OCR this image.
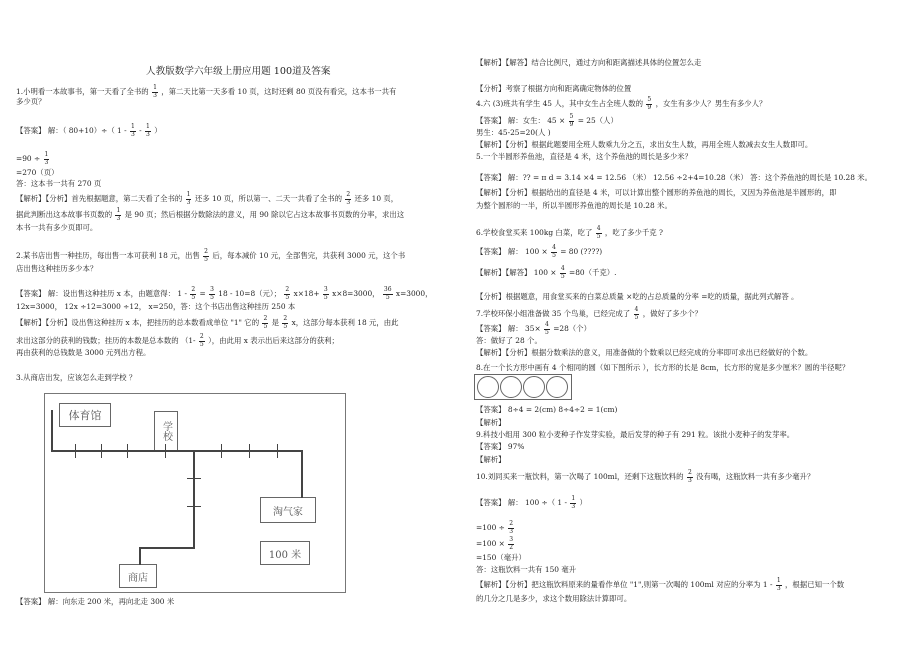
人教版数学六年级上册应用题 100道及答案
1.小明看一本故事书，第一天看了全书的 $\frac{1}{3}$ ，第二天比第一天多看 10 页，这时还剩 80 页没有看完，这本书一共有
多少页？
【答案】 解：（ 80+10）÷（ $1 - \frac{1}{3} - \frac{1}{3}$ ）
$=90 \div \frac{1}{3}$
=270（页）
答：这本书一共有 270 页
【解析】【分析】首先根据题意，第二天看了全书的 $\frac{1}{3}$ 还多 10 页，所以第一、二天一共看了全书的 $\frac{2}{3}$ 还多 10 页，
据此判断出这本故事书页数的 $\frac{1}{3}$ 是 90 页；然后根据分数除法的意义，用 90 除以它占这本故事书页数的分率，求出这
本书一共有多少页即可。
2.某书店出售一种挂历，每出售一本可获利 18 元，出售 $\frac{2}{5}$ 后，每本减价 10 元，全部售完，共获利 3000 元，这个书
店出售这种挂历多少本？
【答案】 解：设出售这种挂历 x 本，由题意得： $1 - \frac{2}{5} = \frac{3}{5} 18 - 10=8$（元）； $\frac{2}{5} x\times 18+ \frac{3}{5} x\times 8=3000$， $\frac{36}{5} x=3000$，
12x=3000， 12x ÷12=3000 ÷12， x=250，答：这个书店出售这种挂历 250 本
【解析】【分析】设出售这种挂历 x 本，把挂历的总本数看成单位 "1" 它的 $\frac{2}{5}$ 是 $\frac{2}{5}$ x，这部分每本获利 18 元，由此
求出这部分的获利的钱数；挂历的本数是总本数的 （$1- \frac{2}{5}$ ），由此用 x 表示出后来这部分的获利；
再由获利的总钱数是 3000 元列出方程。
3.从商店出发，应该怎么走到学校 ？
体育馆
学校
淘气家
100 米
商店
【答案】 解：向东走 200 米，再向北走 300 米
【解析】【解答】结合比例尺，通过方向和距离描述具体的位置怎么走
【分析】考察了根据方向和距离确定物体的位置
4.六 (3)班共有学生 45 人，其中女生占全班人数的 $\frac{5}{9}$ ，女生有多少人？男生有多少人？
【答案】 解：女生： $45 \times \frac{5}{9} = 25$（人）
男生：45-25=20(人 )
【解析】【分析】根据此题要用全班人数乘九分之五，求出女生人数，再用全班人数减去女生人数即可。
5.一个半圆形养鱼池，直径是 4 米，这个养鱼池的周长是多少米？
【答案】 解：?? = π d = 3.14 ×4 = 12.56 （米） 12.56 ÷2+4=10.28（米） 答：这个养鱼池的周长是 10.28 米。
【解析】【分析】根据给出的直径是 4 米，可以计算出整个圆形的养鱼池的周长，又因为养鱼池是半圆形的，即
为整个圆形的一半，所以半圆形养鱼池的周长是 10.28 米。
6.学校食堂买来 100kg 白菜，吃了 $\frac{4}{5}$ ，吃了多少千克 ?
【答案】 解： $100 \times \frac{4}{5} = 80$ (????)
【解析】【解答】 $100 \times \frac{4}{5} =80$（千克）.
【分析】根据题意，用食堂买来的白菜总质量 ×吃的占总质量的分率 =吃的质量，据此列式解答 。
7.学校环保小组准备做 35 个鸟巢，已经完成了 $\frac{4}{5}$ ，做好了多少个？
【答案】 解： $35\times \frac{4}{5} =28$（个）
答：做好了 28 个。
【解析】【分析】根据分数乘法的意义，用准备做的个数乘以已经完成的分率即可求出已经做好的个数。
8.在一个长方形中画有 4 个相同的圆（如下图所示 ），长方形的长是 8cm，长方形的宽是多少厘米？圆的半径呢？
【答案】 8÷4 = 2(cm) 8÷4÷2 = 1(cm)
【解析】
9.科技小组用 300 粒小麦种子作发芽实验，最后发芽的种子有 291 粒。该批小麦种子的发芽率。
【答案】 97%
【解析】
10.刘同买来一瓶饮料，第一次喝了 100ml，还剩下这瓶饮料的 $\frac{2}{3}$ 没有喝，这瓶饮料一共有多少毫升？
【答案】 解： 100 ÷（ $1 - \frac{1}{3}$ ）
$=100 \div \frac{2}{3}$
$=100 \times \frac{3}{2}$
=150（毫升）
答：这瓶饮料一共有 150 毫升
【解析】【分析】把这瓶饮料原来的量看作单位 "1",则第一次喝的 100ml 对应的分率为 $1 - \frac{1}{3}$ ，根据已知一个数
的几分之几是多少，求这个数用除法计算即可。
